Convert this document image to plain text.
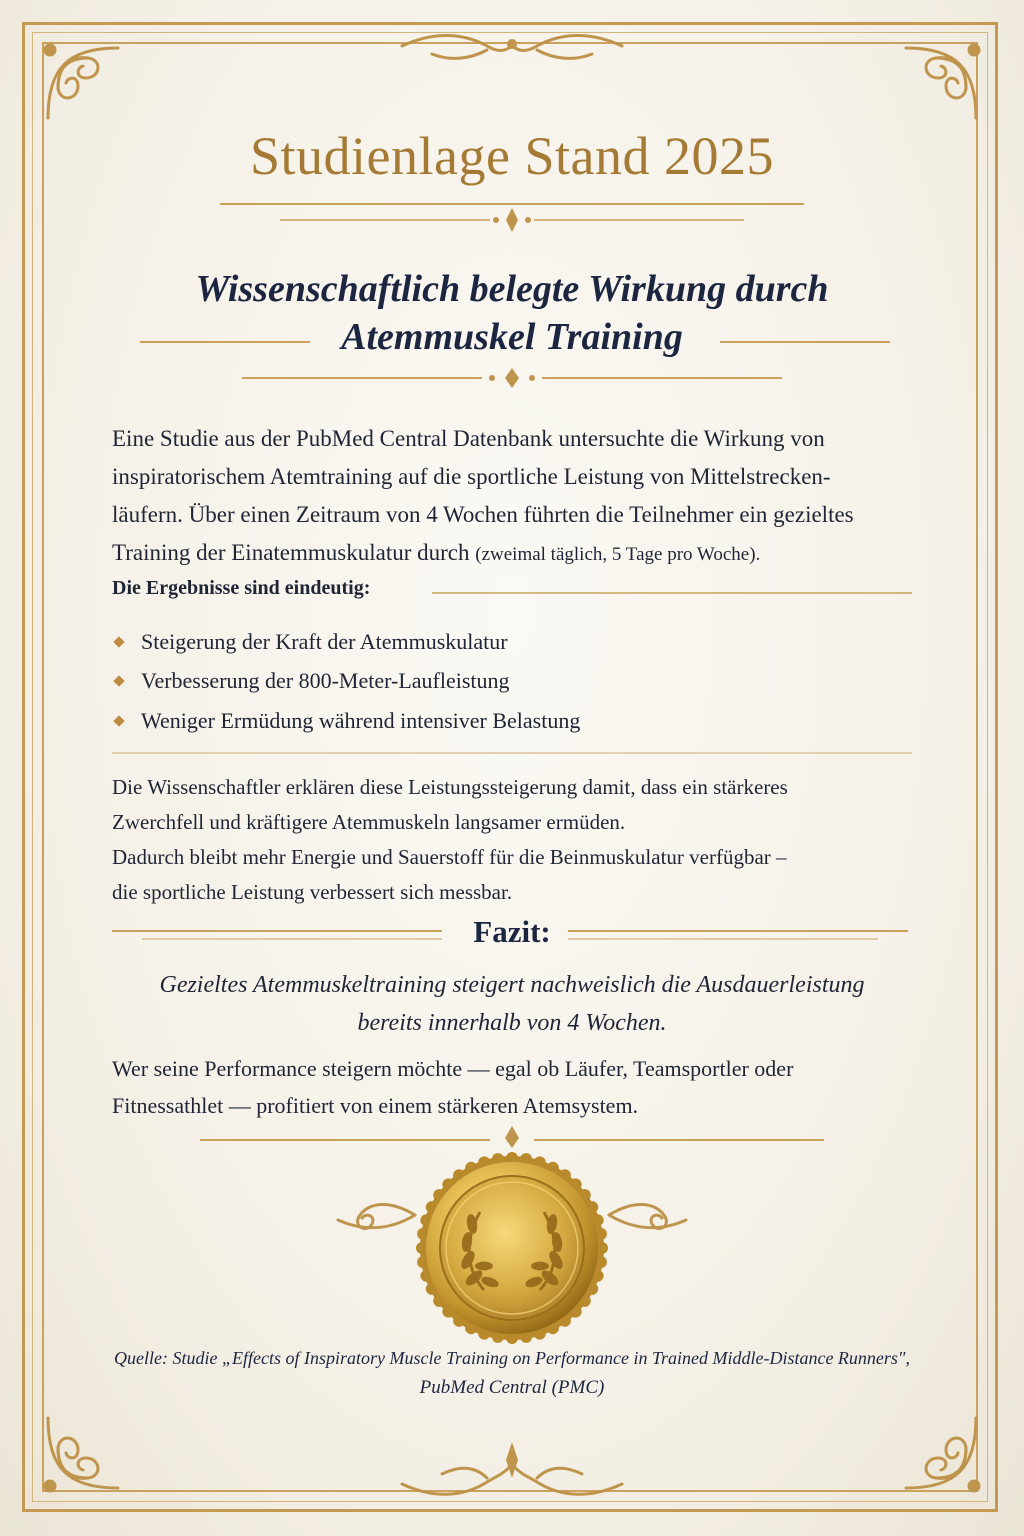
Studienlage Stand 2025
Wissenschaftlich belegte Wirkung durch
Atemmuskel Training

Eine Studie aus der PubMed Central Datenbank untersuchte die Wirkung von
inspiratorischem Atemtraining auf die sportliche Leistung von Mittelstrecken-
läufern. Über einen Zeitraum von 4 Wochen führten die Teilnehmer ein gezieltes
Training der Einatemmuskulatur durch (zweimal täglich, 5 Tage pro Woche).

Die Ergebnisse sind eindeutig:
Steigerung der Kraft der Atemmuskulatur
Verbesserung der 800-Meter-Laufleistung
Weniger Ermüdung während intensiver Belastung

Die Wissenschaftler erklären diese Leistungssteigerung damit, dass ein stärkeres
Zwerchfell und kräftigere Atemmuskeln langsamer ermüden.
Dadurch bleibt mehr Energie und Sauerstoff für die Beinmuskulatur verfügbar –
die sportliche Leistung verbessert sich messbar.

Fazit:

Gezieltes Atemmuskeltraining steigert nachweislich die Ausdauerleistung
bereits innerhalb von 4 Wochen.

Wer seine Performance steigern möchte — egal ob Läufer, Teamsportler oder
Fitnessathlet — profitiert von einem stärkeren Atemsystem.

Quelle: Studie „Effects of Inspiratory Muscle Training on Performance in Trained Middle-Distance Runners",
PubMed Central (PMC)
